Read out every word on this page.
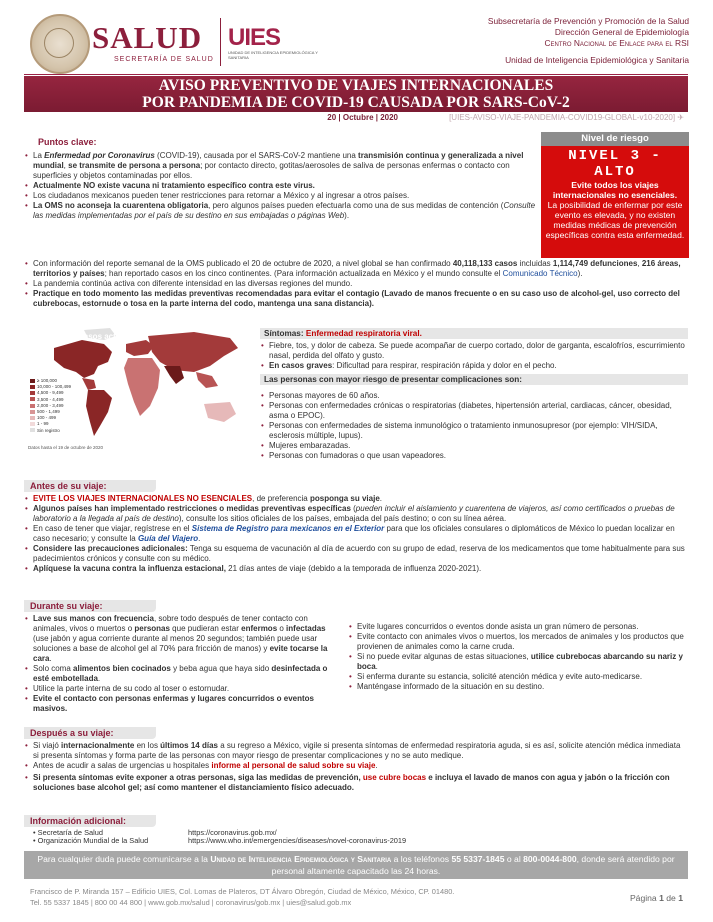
SALUD
SECRETARÍA DE SALUD
UIES
UNIDAD DE INTELIGENCIA EPIDEMIOLÓGICA Y SANITARIA
Subsecretaría de Prevención y Promoción de la Salud
Dirección General de Epidemiología
Centro Nacional de Enlace para el RSI
Unidad de Inteligencia Epidemiológica y Sanitaria
AVISO PREVENTIVO DE VIAJES INTERNACIONALES
POR PANDEMIA DE COVID-19 CAUSADA POR SARS-CoV-2
20 | Octubre | 2020	[UIES-AVISO-VIAJE-PANDEMIA-COVID19-GLOBAL-v10-2020] ✈
Puntos clave:
• La Enfermedad por Coronavirus (COVID-19), causada por el SARS-CoV-2 mantiene una transmisión continua y generalizada a nivel mundial, se transmite de persona a persona; por contacto directo, gotitas/aerosoles de saliva de personas enfermas o contacto con superficies y objetos contaminadas por ellos.
• Actualmente NO existe vacuna ni tratamiento específico contra este virus.
• Los ciudadanos mexicanos pueden tener restricciones para retornar a México y al ingresar a otros países.
• La OMS no aconseja la cuarentena obligatoria, pero algunos países pueden efectuarla como una de sus medidas de contención (Consulte las medidas implementadas por el país de su destino en sus embajadas o páginas Web).
• Con información del reporte semanal de la OMS publicado el 20 de octubre de 2020, a nivel global se han confirmado 40,118,133 casos incluidas 1,114,749 defunciones, 216 áreas, territorios y países; han reportado casos en los cinco continentes. (Para información actualizada en México y el mundo consulte el Comunicado Técnico).
• La pandemia continúa activa con diferente intensidad en las diversas regiones del mundo.
• Practique en todo momento las medidas preventivas recomendadas para evitar el contagio (Lavado de manos frecuente o en su caso uso de alcohol-gel, uso correcto del cubrebocas, estornude o tosa en la parte interna del codo, mantenga una sana distancia).
Nivel de riesgo
NIVEL 3 - ALTO
Evite todos los viajes internacionales no esenciales.
La posibilidad de enfermar por este evento es elevada, y no existen medidas médicas de prevención específicas contra esta enfermedad.
Casos activos
≥ 100,000
10,000 - 100,499
4,500 - 9,499
3,500 - 4,499
2,000 - 3,499
500 - 1,499
100 - 499
1 - 99
Sin registro
Datos hasta el 19 de octubre de 2020
Síntomas: Enfermedad respiratoria viral.
• Fiebre, tos, y dolor de cabeza. Se puede acompañar de cuerpo cortado, dolor de garganta, escalofríos, escurrimiento nasal, perdida del olfato y gusto.
• En casos graves: Dificultad para respirar, respiración rápida y dolor en el pecho.
Las personas con mayor riesgo de presentar complicaciones son:
• Personas mayores de 60 años.
• Personas con enfermedades crónicas o respiratorias (diabetes, hipertensión arterial, cardiacas, cáncer, obesidad, asma o EPOC).
• Personas con enfermedades de sistema inmunológico o tratamiento inmunosupresor (por ejemplo: VIH/SIDA, esclerosis múltiple, lupus).
• Mujeres embarazadas.
• Personas con fumadoras o que usan vapeadores.
Antes de su viaje:
• EVITE LOS VIAJES INTERNACIONALES NO ESENCIALES, de preferencia posponga su viaje.
• Algunos países han implementado restricciones o medidas preventivas específicas (pueden incluir el aislamiento y cuarentena de viajeros, así como certificados o pruebas de laboratorio a la llegada al país de destino), consulte los sitios oficiales de los países, embajada del país destino; o con su línea aérea.
• En caso de tener que viajar, regístrese en el Sistema de Registro para mexicanos en el Exterior para que los oficiales consulares o diplomáticos de México lo puedan localizar en caso necesario; y consulte la Guía del Viajero.
• Considere las precauciones adicionales: Tenga su esquema de vacunación al día de acuerdo con su grupo de edad, reserva de los medicamentos que tome habitualmente para sus padecimientos crónicos y consulte con su médico.
• Aplíquese la vacuna contra la influenza estacional, 21 días antes de viaje (debido a la temporada de influenza 2020-2021).
Durante su viaje:
• Lave sus manos con frecuencia, sobre todo después de tener contacto con animales, vivos o muertos o personas que pudieran estar enfermos o infectadas (use jabón y agua corriente durante al menos 20 segundos; también puede usar soluciones a base de alcohol gel al 70% para fricción de manos) y evite tocarse la cara.
• Solo coma alimentos bien cocinados y beba agua que haya sido desinfectada o esté embotellada.
• Utilice la parte interna de su codo al toser o estornudar.
• Evite el contacto con personas enfermas y lugares concurridos o eventos masivos.
• Evite lugares concurridos o eventos donde asista un gran número de personas.
• Evite contacto con animales vivos o muertos, los mercados de animales y los productos que provienen de animales como la carne cruda.
• Si no puede evitar algunas de estas situaciones, utilice cubrebocas abarcando su nariz y boca.
• Si enferma durante su estancia, solicité atención médica y evite auto-medicarse.
• Manténgase informado de la situación en su destino.
Después a su viaje:
• Si viajó internacionalmente en los últimos 14 días a su regreso a México, vigile si presenta síntomas de enfermedad respiratoria aguda, si es así, solicite atención médica inmediata si presenta síntomas y forma parte de las personas con mayor riesgo de presentar complicaciones y no se auto medique.
• Antes de acudir a salas de urgencias u hospitales informe al personal de salud sobre su viaje.
• Si presenta síntomas evite exponer a otras personas, siga las medidas de prevención, use cubre bocas e incluya el lavado de manos con agua y jabón o la fricción con soluciones base alcohol gel; así como mantener el distanciamiento físico adecuado.
Información adicional:
• Secretaría de Salud	https://coronavirus.gob.mx/
• Organización Mundial de la Salud	https://www.who.int/emergencies/diseases/novel-coronavirus-2019
Para cualquier duda puede comunicarse a la Unidad de Inteligencia Epidemiológica y Sanitaria a los teléfonos 55 5337-1845 o al 800-0044-800, donde será atendido por personal altamente capacitado las 24 horas.
Francisco de P. Miranda 157 – Edificio UIES, Col. Lomas de Plateros, DT Álvaro Obregón, Ciudad de México, México, CP. 01480.
Tel. 55 5337 1845 | 800 00 44 800 | www.gob.mx/salud | coronavirus/gob.mx | uies@salud.gob.mx	Página 1 de 1
